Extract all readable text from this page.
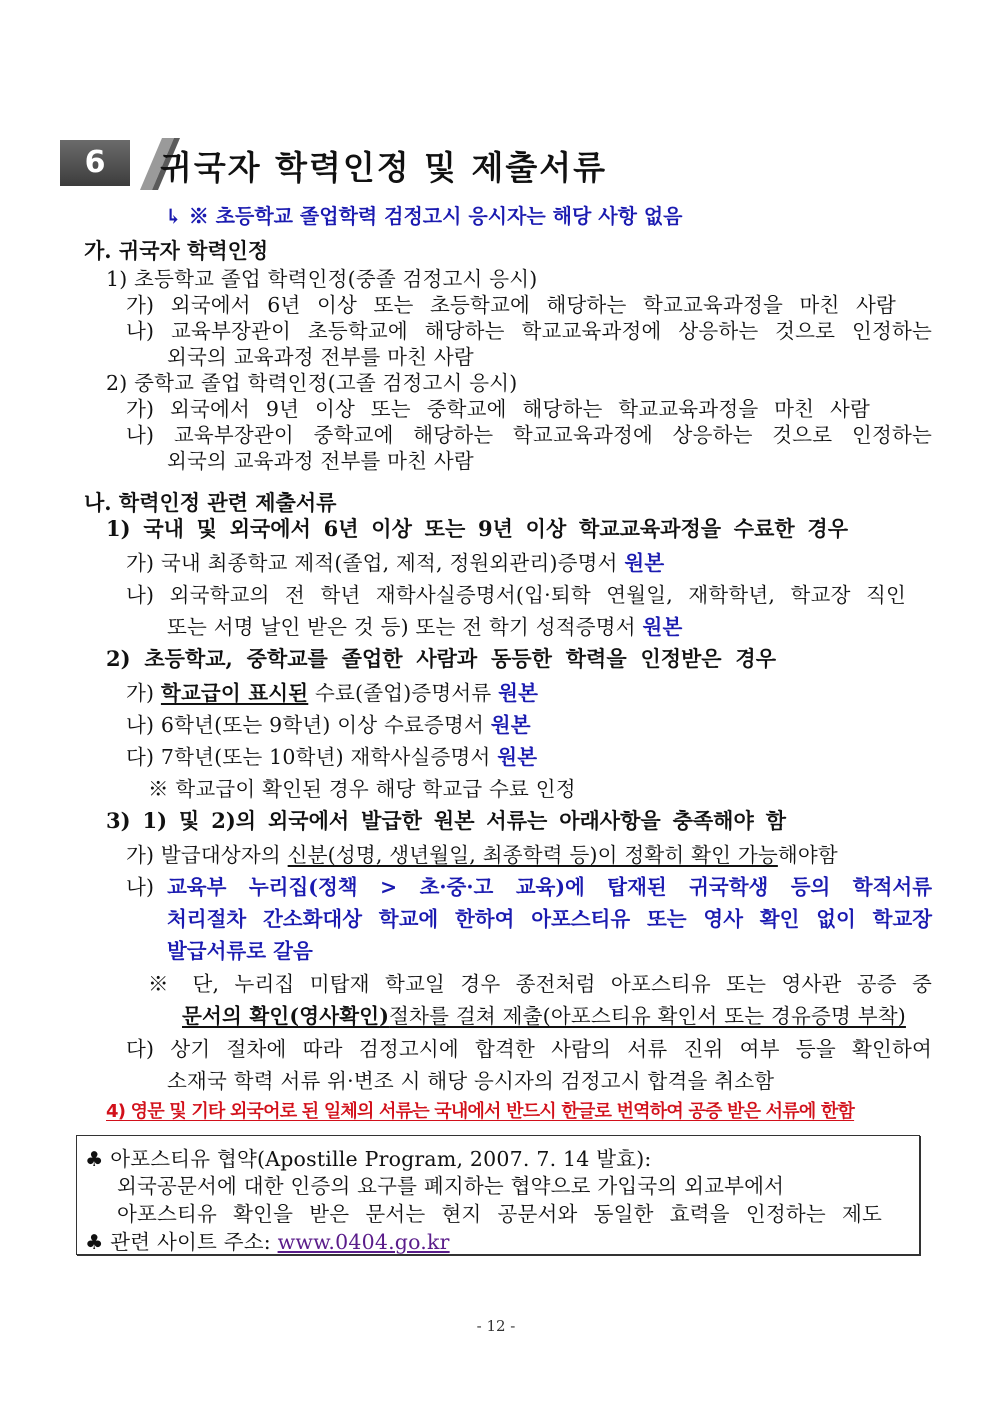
6	귀국자 학력인정 및 제출서류
↳ ※ 초등학교 졸업학력 검정고시 응시자는 해당 사항 없음
가. 귀국자 학력인정
1) 초등학교 졸업 학력인정(중졸 검정고시 응시)
가) 외국에서 6년 이상 또는 초등학교에 해당하는 학교교육과정을 마친 사람
나) 교육부장관이 초등학교에 해당하는 학교교육과정에 상응하는 것으로 인정하는
외국의 교육과정 전부를 마친 사람
2) 중학교 졸업 학력인정(고졸 검정고시 응시)
가) 외국에서 9년 이상 또는 중학교에 해당하는 학교교육과정을 마친 사람
나) 교육부장관이 중학교에 해당하는 학교교육과정에 상응하는 것으로 인정하는
외국의 교육과정 전부를 마친 사람
나. 학력인정 관련 제출서류
1) 국내 및 외국에서 6년 이상 또는 9년 이상 학교교육과정을 수료한 경우
가) 국내 최종학교 제적(졸업, 제적, 정원외관리)증명서 원본
나) 외국학교의 전 학년 재학사실증명서(입·퇴학 연월일, 재학학년, 학교장 직인
또는 서명 날인 받은 것 등) 또는 전 학기 성적증명서 원본
2) 초등학교, 중학교를 졸업한 사람과 동등한 학력을 인정받은 경우
가) 학교급이 표시된 수료(졸업)증명서류 원본
나) 6학년(또는 9학년) 이상 수료증명서 원본
다) 7학년(또는 10학년) 재학사실증명서 원본
※ 학교급이 확인된 경우 해당 학교급 수료 인정
3) 1) 및 2)의 외국에서 발급한 원본 서류는 아래사항을 충족해야 함
가) 발급대상자의 신분(성명, 생년월일, 최종학력 등)이 정확히 확인 가능해야함
나) 교육부 누리집(정책 > 초·중·고 교육)에 탑재된 귀국학생 등의 학적서류
처리절차 간소화대상 학교에 한하여 아포스티유 또는 영사 확인 없이 학교장
발급서류로 갈음
※ 단, 누리집 미탑재 학교일 경우 종전처럼 아포스티유 또는 영사관 공증 중
문서의 확인(영사확인)절차를 걸쳐 제출(아포스티유 확인서 또는 경유증명 부착)
다) 상기 절차에 따라 검정고시에 합격한 사람의 서류 진위 여부 등을 확인하여
소재국 학력 서류 위·변조 시 해당 응시자의 검정고시 합격을 취소함
4) 영문 및 기타 외국어로 된 일체의 서류는 국내에서 반드시 한글로 번역하여 공증 받은 서류에 한함
♣ 아포스티유 협약(Apostille Program, 2007. 7. 14 발효):
외국공문서에 대한 인증의 요구를 폐지하는 협약으로 가입국의 외교부에서
아포스티유 확인을 받은 문서는 현지 공문서와 동일한 효력을 인정하는 제도
♣ 관련 사이트 주소: www.0404.go.kr
- 12 -
